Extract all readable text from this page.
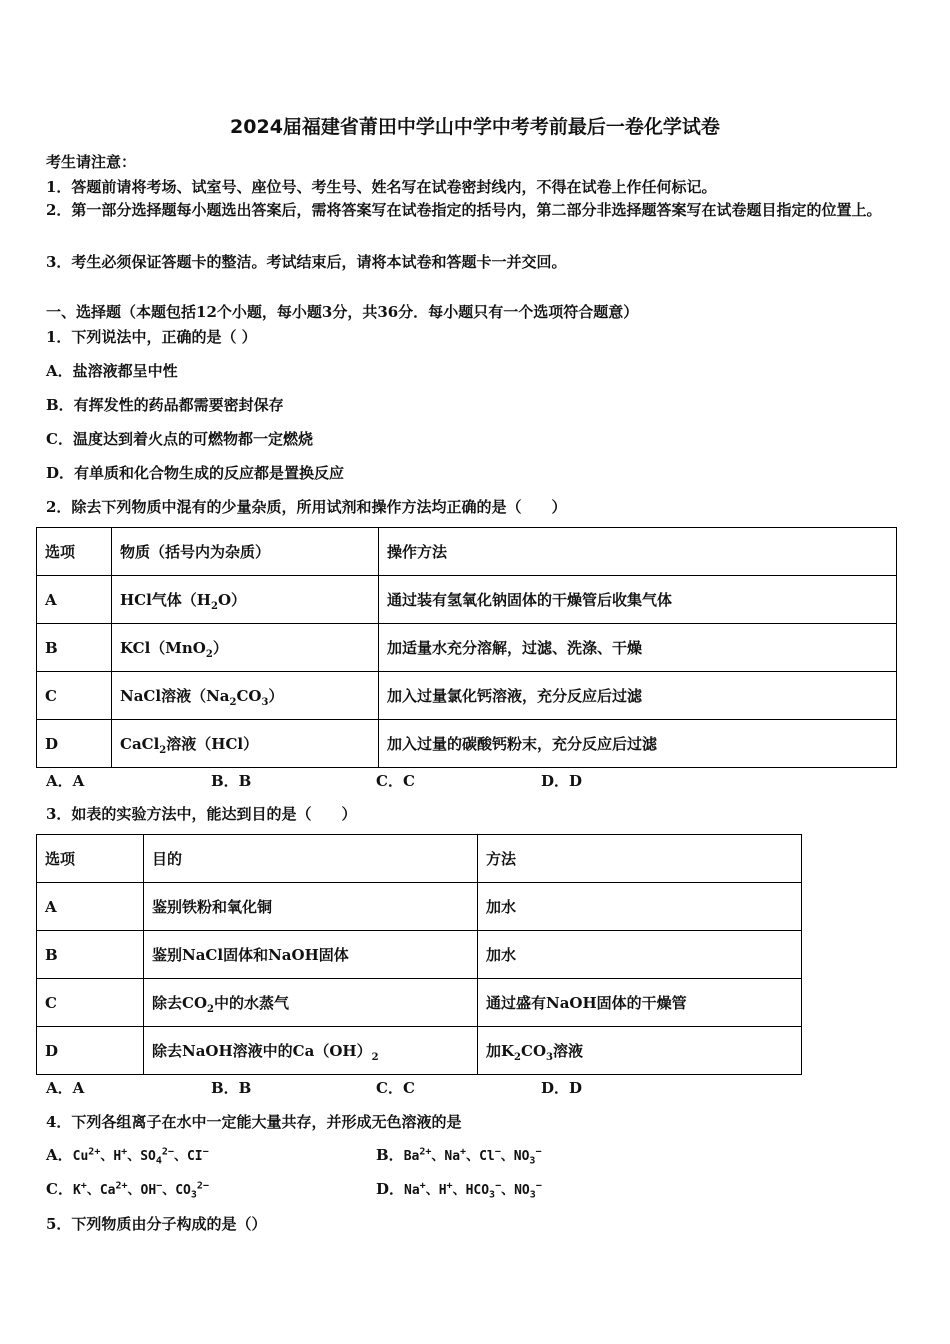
2024届福建省莆田中学山中学中考考前最后一卷化学试卷
考生请注意：
1．答题前请将考场、试室号、座位号、考生号、姓名写在试卷密封线内，不得在试卷上作任何标记。
2．第一部分选择题每小题选出答案后，需将答案写在试卷指定的括号内，第二部分非选择题答案写在试卷题目指定的位置上。
3．考生必须保证答题卡的整洁。考试结束后，请将本试卷和答题卡一并交回。
一、选择题（本题包括12个小题，每小题3分，共36分．每小题只有一个选项符合题意）
1．下列说法中，正确的是（ ）
A．盐溶液都呈中性
B．有挥发性的药品都需要密封保存
C．温度达到着火点的可燃物都一定燃烧
D．有单质和化合物生成的反应都是置换反应
2．除去下列物质中混有的少量杂质，所用试剂和操作方法均正确的是（　　）
选项	物质（括号内为杂质）	操作方法
A	HCl气体$(H_2O)$	通过装有氢氧化钠固体的干燥管后收集气体
B	KCl（MnO$_2$）	加适量水充分溶解，过滤、洗涤、干燥
C	NaCl溶液$(Na_2CO_3)$	加入过量氯化钙溶液，充分反应后过滤
D	CaCl$_2$溶液（HCl）	加入过量的碳酸钙粉末，充分反应后过滤
A．A	B．B	C．C	D．D
3．如表的实验方法中，能达到目的是（　　）
选项	目的	方法
A	鉴别铁粉和氧化铜	加水
B	鉴别NaCl固体和NaOH固体	加水
C	除去$CO_2$中的水蒸气	通过盛有NaOH固体的干燥管
D	除去NaOH溶液中的$Ca(OH)_2$	加$K_2CO_3$溶液
A．A	B．B	C．C	D．D
4．下列各组离子在水中一定能大量共存，并形成无色溶液的是
A．$Cu^{2+}$、H+、$SO_4^{2-}$、CI−	B．$Ba^{2+}$、Na+、Cl−、$NO_3^-$
C．K+、$Ca^{2+}$、OH−、$CO_3^{2-}$	D．Na+、H+、$HCO_3^-$、$NO_3^-$
5．下列物质由分子构成的是（）
